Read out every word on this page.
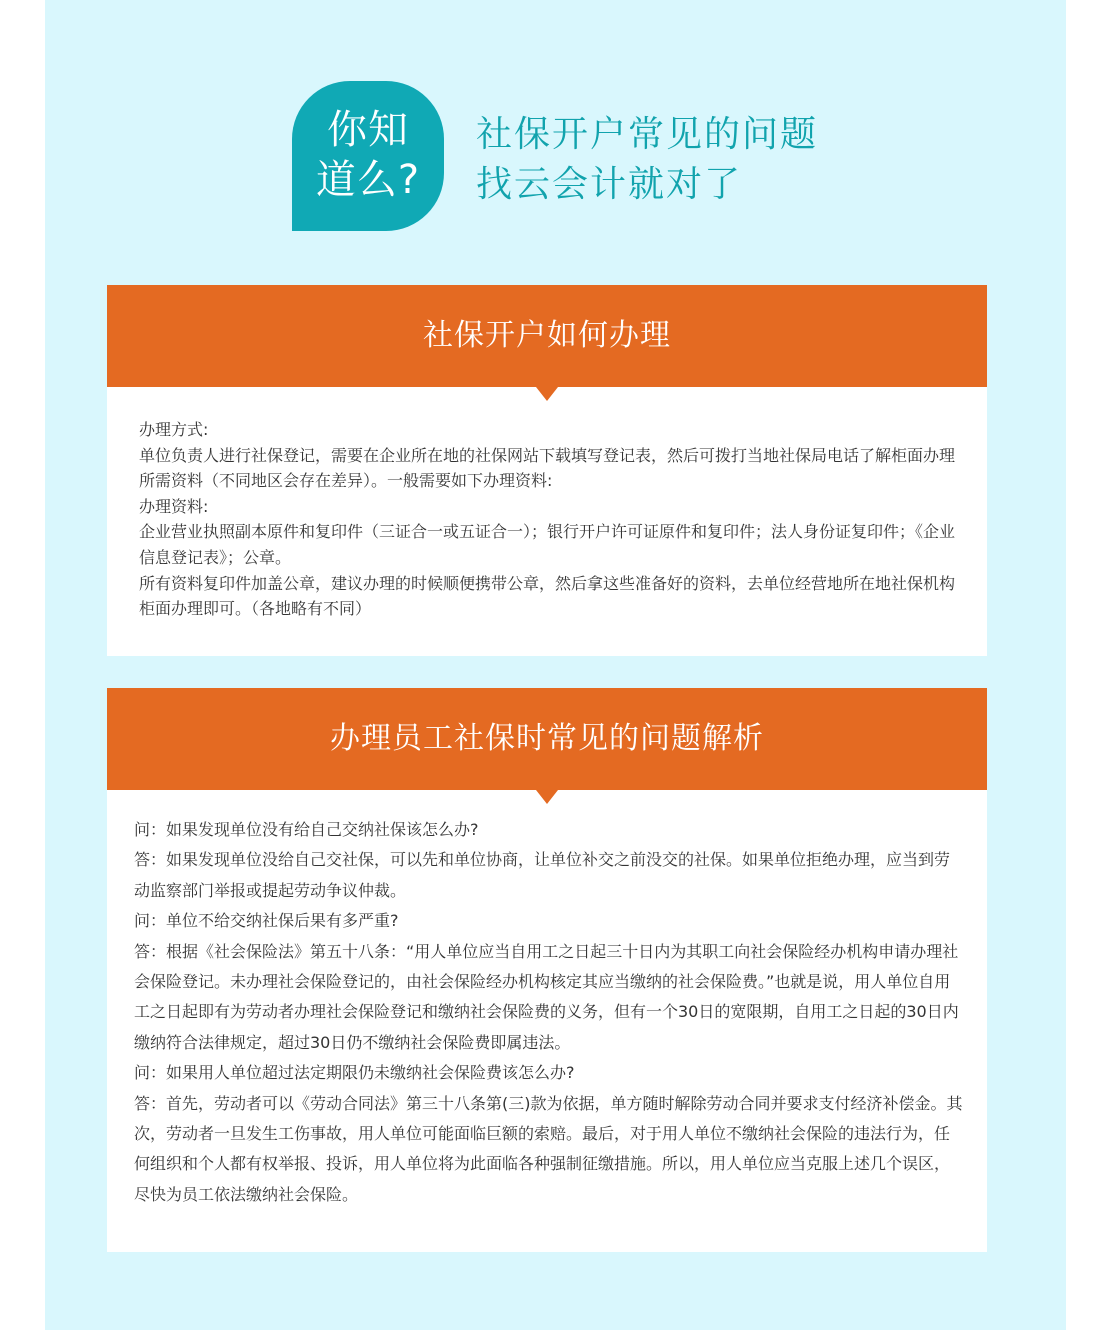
你知
道么?
社保开户常见的问题
找云会计就对了
社保开户如何办理

办理方式:

单位负责人进行社保登记，需要在企业所在地的社保网站下载填写登记表，然后可拨打当地社保局电话了解柜面办理所需资料（不同地区会存在差异）。一般需要如下办理资料:

办理资料:

企业营业执照副本原件和复印件（三证合一或五证合一）；银行开户许可证原件和复印件；法人身份证复印件；《企业信息登记表》；公章。

所有资料复印件加盖公章，建议办理的时候顺便携带公章，然后拿这些准备好的资料，去单位经营地所在地社保机构柜面办理即可。（各地略有不同）

办理员工社保时常见的问题解析

问：如果发现单位没有给自己交纳社保该怎么办?

答：如果发现单位没给自己交社保，可以先和单位协商，让单位补交之前没交的社保。如果单位拒绝办理，应当到劳动监察部门举报或提起劳动争议仲裁。

问：单位不给交纳社保后果有多严重?

答：根据《社会保险法》第五十八条：“用人单位应当自用工之日起三十日内为其职工向社会保险经办机构申请办理社会保险登记。未办理社会保险登记的，由社会保险经办机构核定其应当缴纳的社会保险费。”也就是说，用人单位自用工之日起即有为劳动者办理社会保险登记和缴纳社会保险费的义务，但有一个30日的宽限期，自用工之日起的30日内缴纳符合法律规定，超过30日仍不缴纳社会保险费即属违法。

问：如果用人单位超过法定期限仍未缴纳社会保险费该怎么办?

答：首先，劳动者可以《劳动合同法》第三十八条第(三)款为依据，单方随时解除劳动合同并要求支付经济补偿金。其次，劳动者一旦发生工伤事故，用人单位可能面临巨额的索赔。最后，对于用人单位不缴纳社会保险的违法行为，任何组织和个人都有权举报、投诉，用人单位将为此面临各种强制征缴措施。所以，用人单位应当克服上述几个误区，尽快为员工依法缴纳社会保险。
